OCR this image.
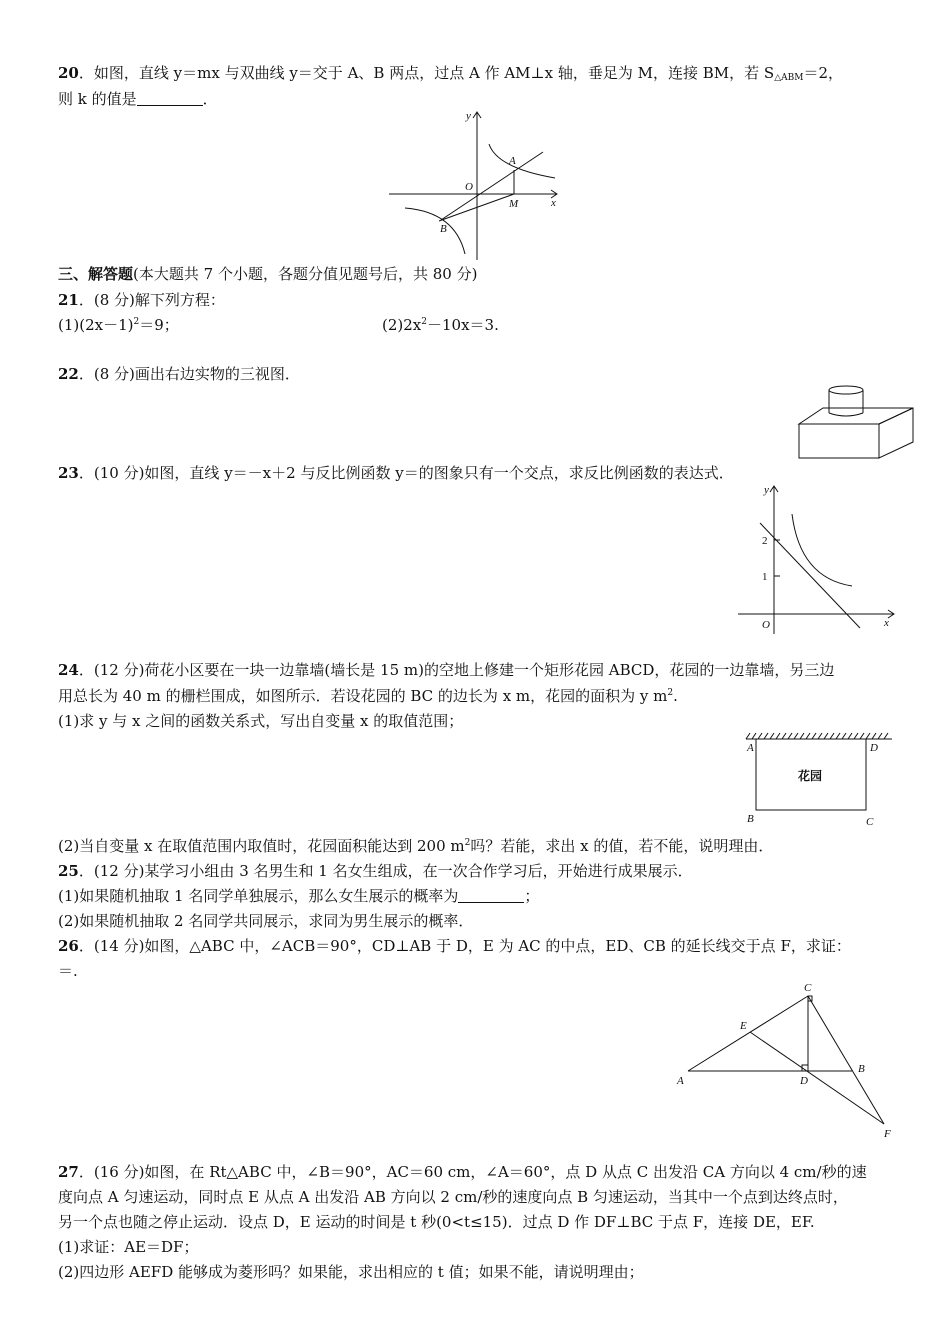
20．如图，直线 y＝mx 与双曲线 y＝交于 A、B 两点，过点 A 作 AM⊥x 轴，垂足为 M，连接 BM，若 $S_{\triangle ABM}=2$，
则 k 的值是	．
y
x
O
A
M
B
三、解答题(本大题共 7 个小题，各题分值见题号后，共 80 分)
21．(8 分)解下列方程：
$(1)(2x-1)^2=9$；	$(2)2x^2-10x=3$.
22．(8 分)画出右边实物的三视图．
23．(10 分)如图，直线 y＝－x＋2 与反比例函数 y＝的图象只有一个交点，求反比例函数的表达式．
y
x
O
2
1
24．(12 分)荷花小区要在一块一边靠墙(墙长是 15 m)的空地上修建一个矩形花园 ABCD，花园的一边靠墙，另三边
用总长为 40 m 的栅栏围成，如图所示．若设花园的 BC 的边长为 x m，花园的面积为 y $m^2$.
(1)求 y 与 x 之间的函数关系式，写出自变量 x 的取值范围；
A	D
B	C
花园
(2)当自变量 x 在取值范围内取值时，花园面积能达到 200 $m^2$吗？若能，求出 x 的值，若不能，说明理由．
25．(12 分)某学习小组由 3 名男生和 1 名女生组成，在一次合作学习后，开始进行成果展示．
(1)如果随机抽取 1 名同学单独展示，那么女生展示的概率为	；
(2)如果随机抽取 2 名同学共同展示，求同为男生展示的概率．
26．(14 分)如图，△ABC 中，∠ACB＝90°，CD⊥AB 于 D，E 为 AC 的中点，ED、CB 的延长线交于点 F，求证：
＝.
C
E
A	D
B
F
27．(16 分)如图，在 Rt△ABC 中，∠B＝90°，AC＝60 cm，∠A＝60°，点 D 从点 C 出发沿 CA 方向以 4 cm/秒的速
度向点 A 匀速运动，同时点 E 从点 A 出发沿 AB 方向以 2 cm/秒的速度向点 B 匀速运动，当其中一个点到达终点时，
另一个点也随之停止运动．设点 D，E 运动的时间是 t 秒(0<t≤15)．过点 D 作 DF⊥BC 于点 F，连接 DE，EF.
(1)求证：AE＝DF；
(2)四边形 AEFD 能够成为菱形吗？如果能，求出相应的 t 值；如果不能，请说明理由；
